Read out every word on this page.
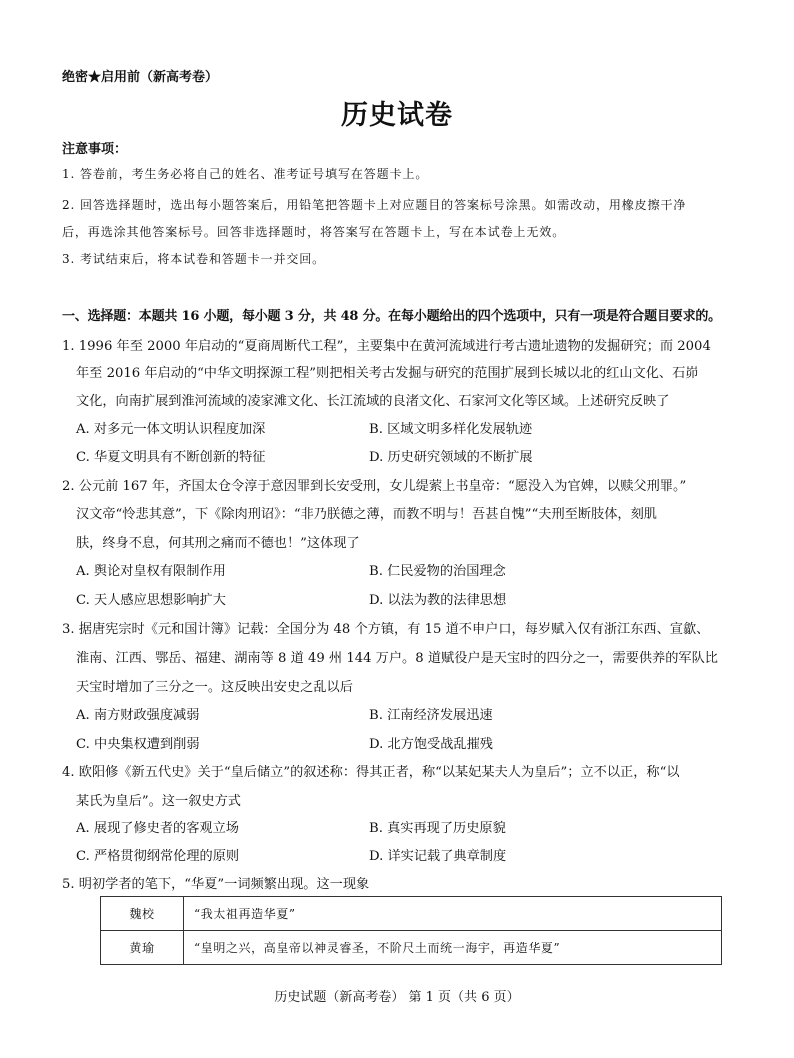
绝密★启用前（新高考卷）
历史试卷
注意事项：
1. 答卷前，考生务必将自己的姓名、准考证号填写在答题卡上。
2. 回答选择题时，选出每小题答案后，用铅笔把答题卡上对应题目的答案标号涂黑。如需改动，用橡皮擦干净
后，再选涂其他答案标号。回答非选择题时，将答案写在答题卡上，写在本试卷上无效。
3. 考试结束后，将本试卷和答题卡一并交回。
一、选择题：本题共 16 小题，每小题 3 分，共 48 分。在每小题给出的四个选项中，只有一项是符合题目要求的。
1. 1996 年至 2000 年启动的“夏商周断代工程”，主要集中在黄河流域进行考古遗址遗物的发掘研究；而 2004
年至 2016 年启动的“中华文明探源工程”则把相关考古发掘与研究的范围扩展到长城以北的红山文化、石峁
文化，向南扩展到淮河流域的凌家滩文化、长江流域的良渚文化、石家河文化等区域。上述研究反映了
A. 对多元一体文明认识程度加深	B. 区域文明多样化发展轨迹
C. 华夏文明具有不断创新的特征	D. 历史研究领域的不断扩展
2. 公元前 167 年，齐国太仓令淳于意因罪到长安受刑，女儿缇萦上书皇帝：“愿没入为官婢，以赎父刑罪。”
汉文帝“怜悲其意”，下《除肉刑诏》：“非乃朕德之薄，而教不明与！吾甚自愧”“夫刑至断肢体，刻肌
肤，终身不息，何其刑之痛而不德也！”这体现了
A. 舆论对皇权有限制作用	B. 仁民爱物的治国理念
C. 天人感应思想影响扩大	D. 以法为教的法律思想
3. 据唐宪宗时《元和国计簿》记载：全国分为 48 个方镇，有 15 道不申户口，每岁赋入仅有浙江东西、宣歙、
淮南、江西、鄂岳、福建、湖南等 8 道 49 州 144 万户。8 道赋役户是天宝时的四分之一，需要供养的军队比
天宝时增加了三分之一。这反映出安史之乱以后
A. 南方财政强度减弱	B. 江南经济发展迅速
C. 中央集权遭到削弱	D. 北方饱受战乱摧残
4. 欧阳修《新五代史》关于“皇后储立”的叙述称：得其正者，称“以某妃某夫人为皇后”；立不以正，称“以
某氏为皇后”。这一叙史方式
A. 展现了修史者的客观立场	B. 真实再现了历史原貌
C. 严格贯彻纲常伦理的原则	D. 详实记载了典章制度
5. 明初学者的笔下，“华夏”一词频繁出现。这一现象
魏校	“我太祖再造华夏”
黄瑜	“皇明之兴，高皇帝以神灵睿圣，不阶尺土而统一海宇，再造华夏”
历史试题（新高考卷） 第 1 页（共 6 页）
